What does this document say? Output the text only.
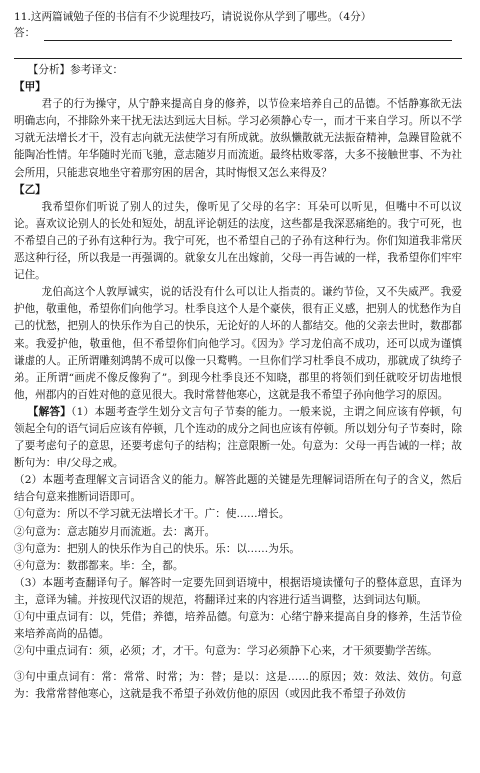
11.这两篇诫勉子侄的书信有不少说理技巧，请说说你从学到了哪些。（4分）
答：

【分析】参考译文：

【甲】

君子的行为操守，从宁静来提高自身的修养，以节俭来培养自己的品德。不恬静寡欲无法明确志向，不排除外来干扰无法达到远大目标。学习必须静心专一，而才干来自学习。所以不学习就无法增长才干，没有志向就无法使学习有所成就。放纵懒散就无法振奋精神，急躁冒险就不能陶冶性情。年华随时光而飞驰，意志随岁月而流逝。最终枯败零落，大多不接触世事、不为社会所用，只能悲哀地坐守着那穷困的居舍，其时悔恨又怎么来得及？

【乙】

我希望你们听说了别人的过失，像听见了父母的名字：耳朵可以听见，但嘴中不可以议论。喜欢议论别人的长处和短处，胡乱评论朝廷的法度，这些都是我深恶痛绝的。我宁可死，也不希望自己的子孙有这种行为。我宁可死，也不希望自己的子孙有这种行为。你们知道我非常厌恶这种行径，所以我是一再强调的。就象女儿在出嫁前，父母一再告诫的一样，我希望你们牢牢记住。

龙伯高这个人敦厚诚实，说的话没有什么可以让人指责的。谦约节俭，又不失威严。我爱护他，敬重他，希望你们向他学习。杜季良这个人是个豪侠，很有正义感，把别人的忧愁作为自己的忧愁，把别人的快乐作为自己的快乐，无论好的人坏的人都结交。他的父亲去世时，数郡都来。我爱护他，敬重他，但不希望你们向他学习。《因为》学习龙伯高不成功，还可以成为谨慎谦虚的人。正所谓雕刻鸿鹄不成可以像一只鹜鸭。一旦你们学习杜季良不成功，那就成了纨绔子弟。正所谓“画虎不像反像狗了”。到现今杜季良还不知晓，郡里的将领们到任就咬牙切齿地恨他，州郡内的百姓对他的意见很大。我时常替他寒心，这就是我不希望子孙向他学习的原因。

【解答】（1）本题考查学生划分文言句子节奏的能力。一般来说，主谓之间应该有停顿，句领起全句的语气词后应该有停顿，几个连动的成分之间也应该有停顿。所以划分句子节奏时，除了要考虑句子的意思，还要考虑句子的结构；注意限断一处。句意为：父母一再告诫的一样；故断句为：申/父母之戒。

（2）本题考查理解文言词语含义的能力。解答此题的关键是先理解词语所在句子的含义，然后结合句意来推断词语即可。

①句意为：所以不学习就无法增长才干。广：使……增长。

②句意为：意志随岁月而流逝。去：离开。

③句意为：把别人的快乐作为自己的快乐。乐：以……为乐。

④句意为：数郡都来。毕：全，都。

（3）本题考查翻译句子。解答时一定要先回到语境中，根据语境读懂句子的整体意思，直译为主，意译为辅。并按现代汉语的规范，将翻译过来的内容进行适当调整，达到词达句顺。

①句中重点词有：以，凭借；养德，培养品德。句意为：心绪宁静来提高自身的修养，生活节俭来培养高尚的品德。

②句中重点词有：须，必须；才，才干。句意为：学习必须静下心来，才干须要勤学苦练。

③句中重点词有：常：常常、时常；为：替；是以：这是……的原因；效：效法、效仿。句意为：我常常替他寒心，这就是我不希望子孙效仿他的原因（或因此我不希望子孙效仿
